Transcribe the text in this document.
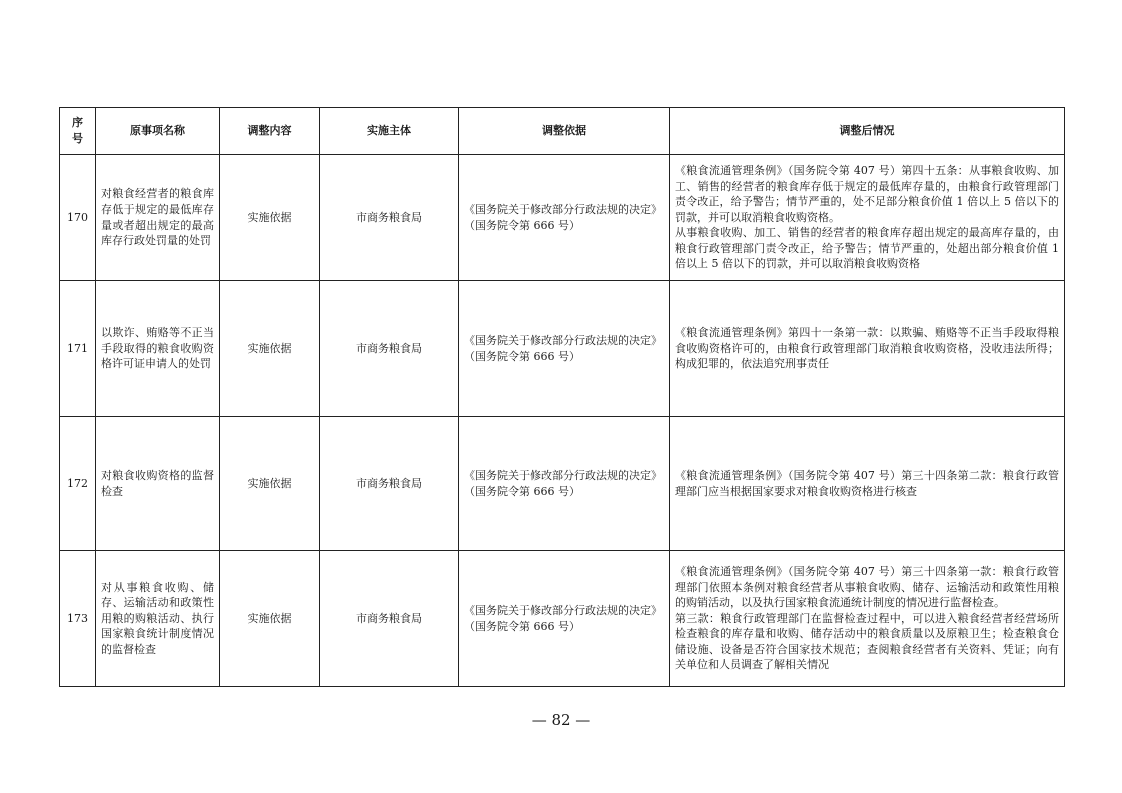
序号	原事项名称	调整内容	实施主体	调整依据	调整后情况
170	对粮食经营者的粮食库存低于规定的最低库存量或者超出规定的最高库存行政处罚量的处罚	实施依据	市商务粮食局	《国务院关于修改部分行政法规的决定》（国务院令第 666 号）	《粮食流通管理条例》（国务院令第 407 号）第四十五条：从事粮食收购、加工、销售的经营者的粮食库存低于规定的最低库存量的，由粮食行政管理部门责令改正，给予警告；情节严重的，处不足部分粮食价值 1 倍以上 5 倍以下的罚款，并可以取消粮食收购资格。
从事粮食收购、加工、销售的经营者的粮食库存超出规定的最高库存量的，由粮食行政管理部门责令改正，给予警告；情节严重的，处超出部分粮食价值 1 倍以上 5 倍以下的罚款，并可以取消粮食收购资格

171	以欺诈、贿赂等不正当手段取得的粮食收购资格许可证申请人的处罚	实施依据	市商务粮食局	《国务院关于修改部分行政法规的决定》（国务院令第 666 号）	《粮食流通管理条例》第四十一条第一款：以欺骗、贿赂等不正当手段取得粮食收购资格许可的，由粮食行政管理部门取消粮食收购资格，没收违法所得；构成犯罪的，依法追究刑事责任

172	对粮食收购资格的监督检查	实施依据	市商务粮食局	《国务院关于修改部分行政法规的决定》（国务院令第 666 号）	《粮食流通管理条例》（国务院令第 407 号）第三十四条第二款：粮食行政管理部门应当根据国家要求对粮食收购资格进行核查

173	对从事粮食收购、储存、运输活动和政策性用粮的购粮活动、执行国家粮食统计制度情况的监督检查	实施依据	市商务粮食局	《国务院关于修改部分行政法规的决定》（国务院令第 666 号）	《粮食流通管理条例》（国务院令第 407 号）第三十四条第一款：粮食行政管理部门依照本条例对粮食经营者从事粮食收购、储存、运输活动和政策性用粮的购销活动，以及执行国家粮食流通统计制度的情况进行监督检查。
第三款：粮食行政管理部门在监督检查过程中，可以进入粮食经营者经营场所检查粮食的库存量和收购、储存活动中的粮食质量以及原粮卫生；检查粮食仓储设施、设备是否符合国家技术规范；查阅粮食经营者有关资料、凭证；向有关单位和人员调查了解相关情况
— 82 —
